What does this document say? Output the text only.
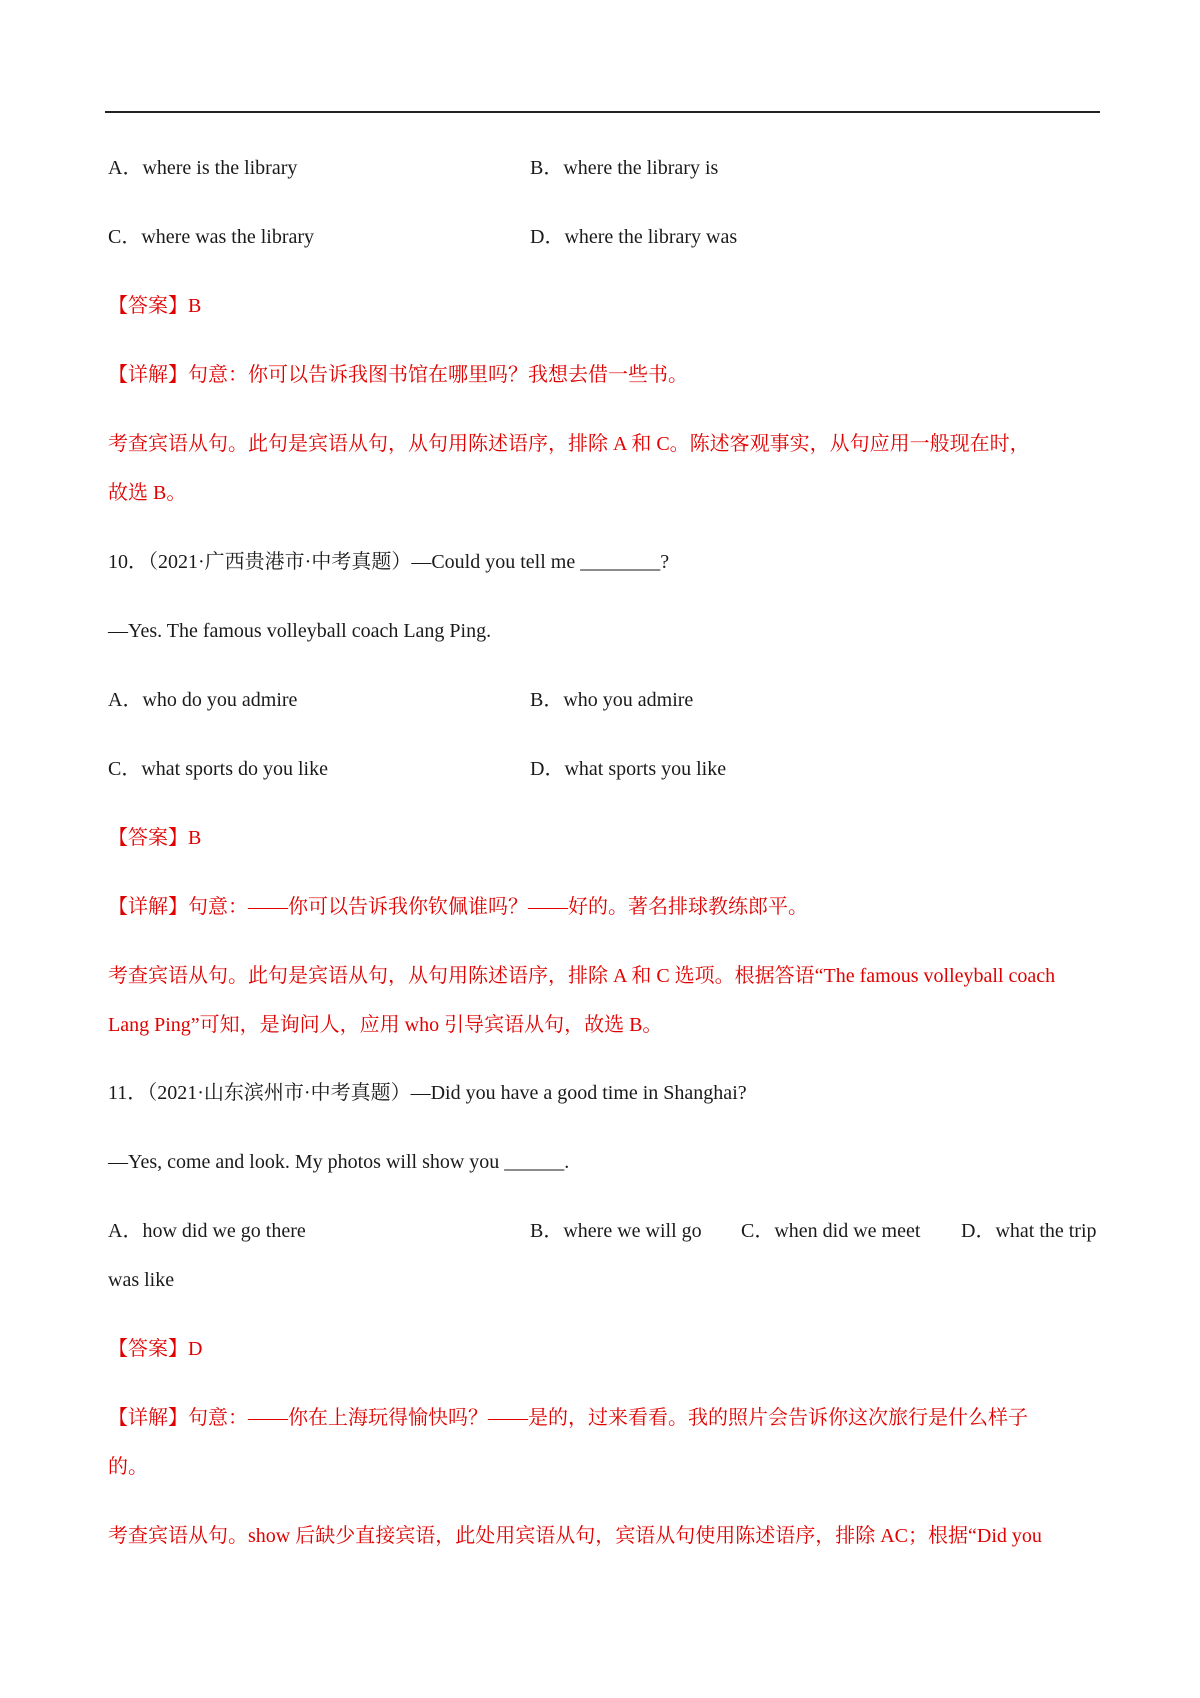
A．where is the library	B．where the library is
C．where was the library	D．where the library was
【答案】B
【详解】句意：你可以告诉我图书馆在哪里吗？我想去借一些书。
考查宾语从句。此句是宾语从句，从句用陈述语序，排除 A 和 C。陈述客观事实，从句应用一般现在时，
故选 B。
10．（2021·广西贵港市·中考真题）—Could you tell me ________?
—Yes. The famous volleyball coach Lang Ping.
A．who do you admire	B．who you admire
C．what sports do you like	D．what sports you like
【答案】B
【详解】句意：——你可以告诉我你钦佩谁吗？——好的。著名排球教练郎平。
考查宾语从句。此句是宾语从句，从句用陈述语序，排除 A 和 C 选项。根据答语“The famous volleyball coach
Lang Ping”可知，是询问人，应用 who 引导宾语从句，故选 B。
11．（2021·山东滨州市·中考真题）—Did you have a good time in Shanghai?
—Yes, come and look. My photos will show you ______.
A．how did we go there	B．where we will go C．when did we meet D．what the trip
was like
【答案】D
【详解】句意：——你在上海玩得愉快吗？——是的，过来看看。我的照片会告诉你这次旅行是什么样子
的。
考查宾语从句。show 后缺少直接宾语，此处用宾语从句，宾语从句使用陈述语序，排除 AC；根据“Did you
